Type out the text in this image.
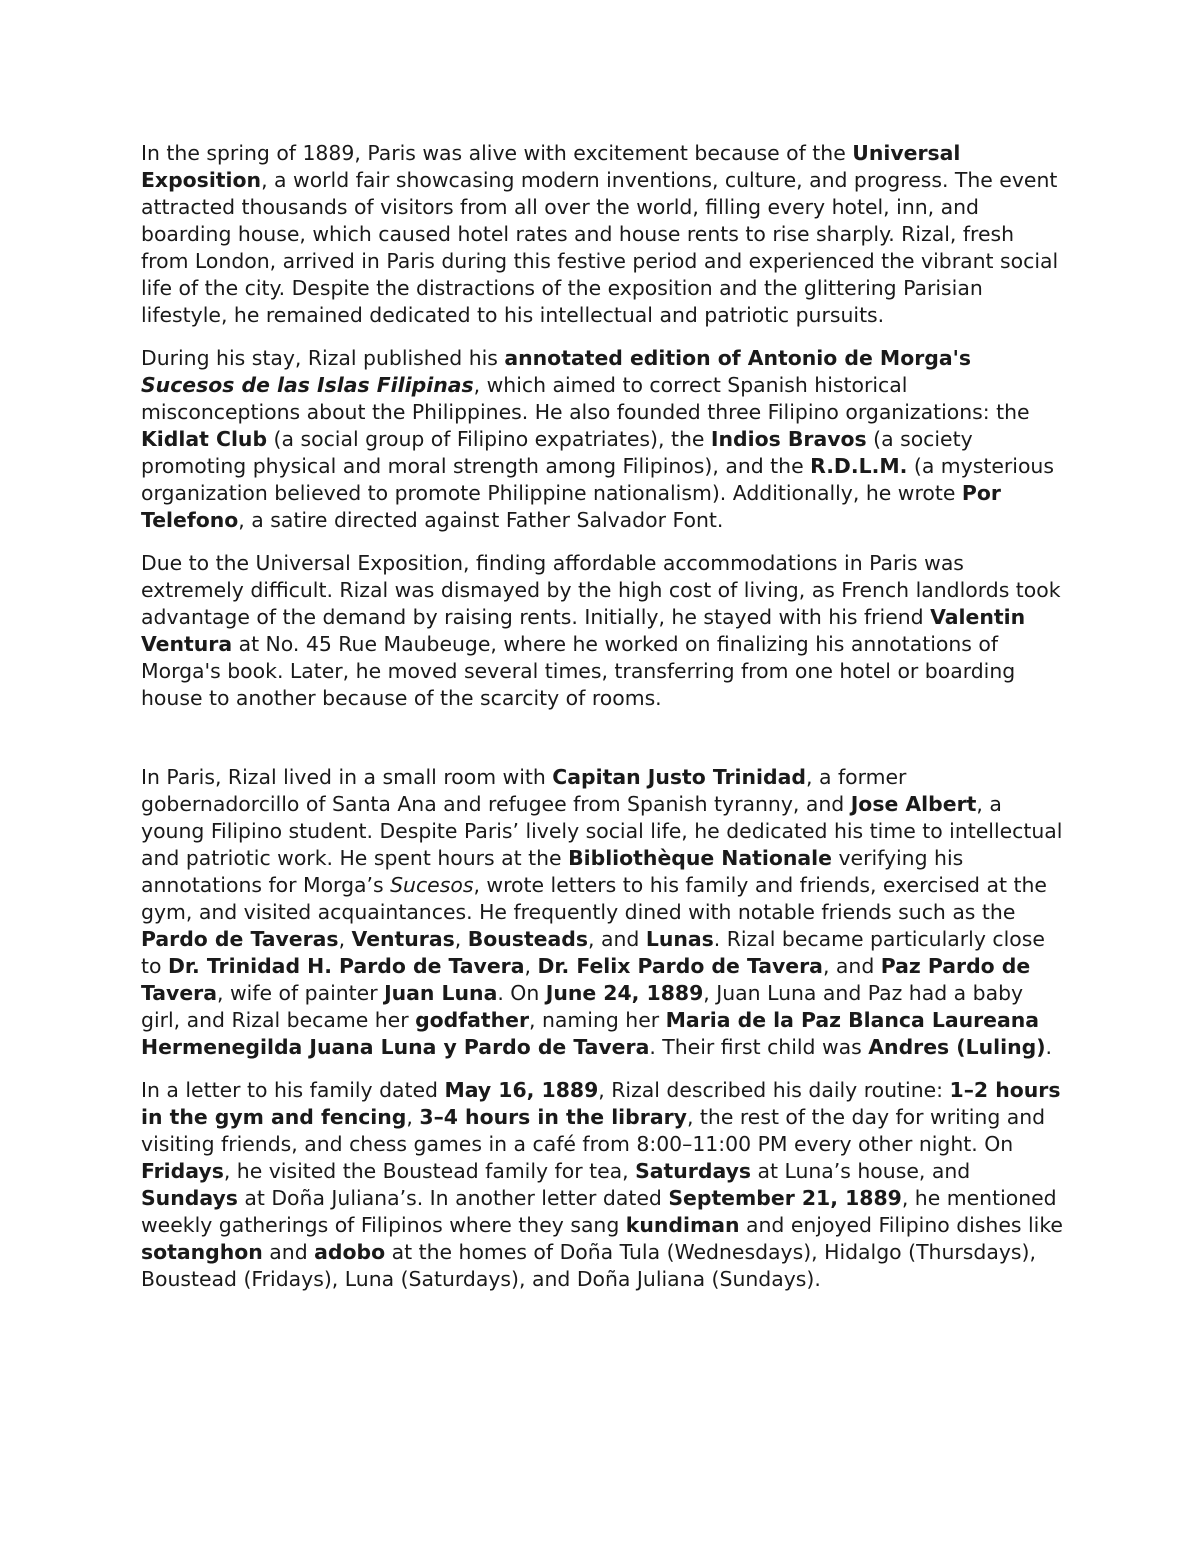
In the spring of 1889, Paris was alive with excitement because of the Universal Exposition, a world fair showcasing modern inventions, culture, and progress. The event attracted thousands of visitors from all over the world, filling every hotel, inn, and boarding house, which caused hotel rates and house rents to rise sharply. Rizal, fresh from London, arrived in Paris during this festive period and experienced the vibrant social life of the city. Despite the distractions of the exposition and the glittering Parisian lifestyle, he remained dedicated to his intellectual and patriotic pursuits.

During his stay, Rizal published his annotated edition of Antonio de Morga's Sucesos de las Islas Filipinas, which aimed to correct Spanish historical misconceptions about the Philippines. He also founded three Filipino organizations: the Kidlat Club (a social group of Filipino expatriates), the Indios Bravos (a society promoting physical and moral strength among Filipinos), and the R.D.L.M. (a mysterious organization believed to promote Philippine nationalism). Additionally, he wrote Por Telefono, a satire directed against Father Salvador Font.

Due to the Universal Exposition, finding affordable accommodations in Paris was extremely difficult. Rizal was dismayed by the high cost of living, as French landlords took advantage of the demand by raising rents. Initially, he stayed with his friend Valentin Ventura at No. 45 Rue Maubeuge, where he worked on finalizing his annotations of Morga's book. Later, he moved several times, transferring from one hotel or boarding house to another because of the scarcity of rooms.

In Paris, Rizal lived in a small room with Capitan Justo Trinidad, a former gobernadorcillo of Santa Ana and refugee from Spanish tyranny, and Jose Albert, a young Filipino student. Despite Paris’ lively social life, he dedicated his time to intellectual and patriotic work. He spent hours at the Bibliothèque Nationale verifying his annotations for Morga’s Sucesos, wrote letters to his family and friends, exercised at the gym, and visited acquaintances. He frequently dined with notable friends such as the Pardo de Taveras, Venturas, Bousteads, and Lunas. Rizal became particularly close to Dr. Trinidad H. Pardo de Tavera, Dr. Felix Pardo de Tavera, and Paz Pardo de Tavera, wife of painter Juan Luna. On June 24, 1889, Juan Luna and Paz had a baby girl, and Rizal became her godfather, naming her Maria de la Paz Blanca Laureana Hermenegilda Juana Luna y Pardo de Tavera. Their first child was Andres (Luling).

In a letter to his family dated May 16, 1889, Rizal described his daily routine: 1–2 hours in the gym and fencing, 3–4 hours in the library, the rest of the day for writing and visiting friends, and chess games in a café from 8:00–11:00 PM every other night. On Fridays, he visited the Boustead family for tea, Saturdays at Luna’s house, and Sundays at Doña Juliana’s. In another letter dated September 21, 1889, he mentioned weekly gatherings of Filipinos where they sang kundiman and enjoyed Filipino dishes like sotanghon and adobo at the homes of Doña Tula (Wednesdays), Hidalgo (Thursdays), Boustead (Fridays), Luna (Saturdays), and Doña Juliana (Sundays).
